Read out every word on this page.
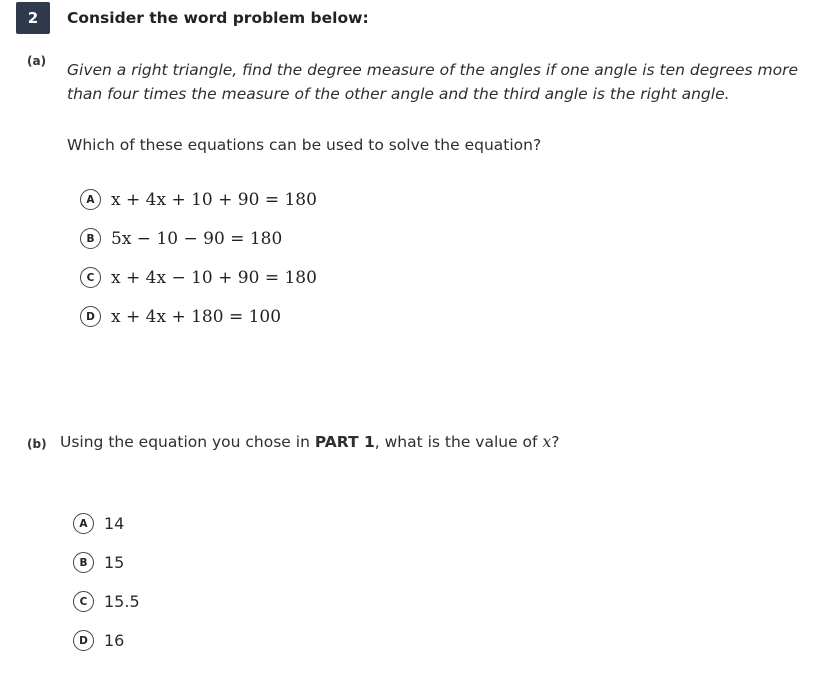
2	Consider the word problem below:
(a) Given a right triangle, find the degree measure of the angles if one angle is ten degrees more than four times the measure of the other angle and the third angle is the right angle.
Which of these equations can be used to solve the equation?
A x + 4x + 10 + 90 = 180
B 5x − 10 − 90 = 180
C x + 4x − 10 + 90 = 180
D x + 4x + 180 = 100
(b) Using the equation you chose in PART 1, what is the value of x?
A	14
B	15
C	15.5
D	16
